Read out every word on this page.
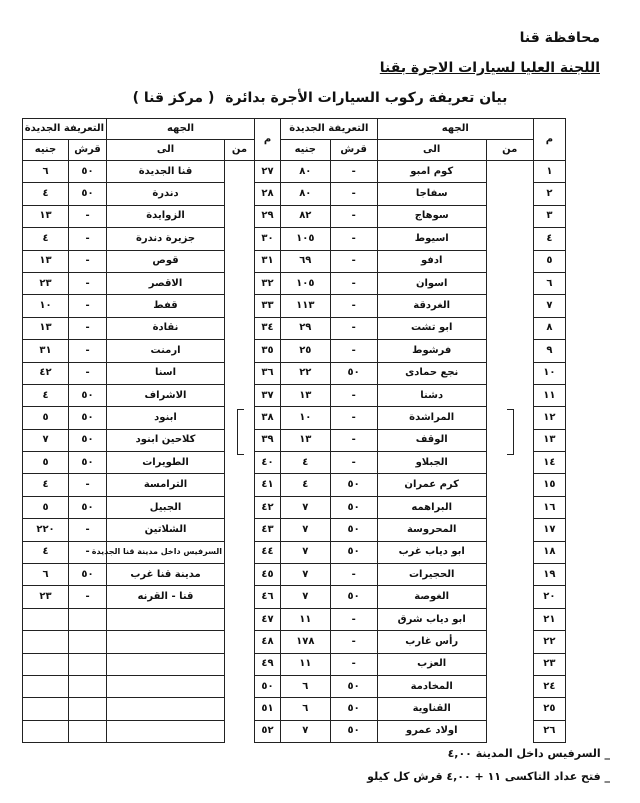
محافظة قنا
اللجنة العليا لسيارات الاجرة بقنا
بيان تعريفة ركوب السيارات الأجرة بدائرة ( مركز قنا )
م	الجهه		التعريفة الجديدة	
	من	الى	قرش	جنيه
١		كوم امبو	-	٨٠
٢		سفاجا	-	٨٠
٣		سوهاج	-	٨٢
٤		اسيوط	-	١٠٥
٥		ادفو	-	٦٩
٦		اسوان	-	١٠٥
٧		الغردقة	-	١١٣
٨		ابو تشت	-	٢٩
٩		فرشوط	-	٢٥
١٠		نجع حمادى	٥٠	٢٢
١١		دشنا	-	١٣
١٢		المراشدة	-	١٠
١٣		الوقف	-	١٣
١٤		الجبلاو	-	٤
١٥		كرم عمران	٥٠	٤
١٦		البراهمه	٥٠	٧
١٧		المحروسة	٥٠	٧
١٨		ابو دياب غرب	٥٠	٧
١٩		الحجيرات	-	٧
٢٠		الغوصة	٥٠	٧
٢١		ابو دياب شرق	-	١١
٢٢		رأس غارب	-	١٧٨
٢٣		العزب	-	١١
٢٤		المخادمة	٥٠	٦
٢٥		القناوية	٥٠	٦
٢٦		اولاد عمرو	٥٠	٧
م	الجهه		التعريفة الجديدة	
	من	الى	قرش	جنيه
٢٧		قنا الجديدة	٥٠	٦
٢٨		دندرة	٥٠	٤
٢٩		الزوايدة	-	١٣
٣٠		جزيرة دندرة	-	٤
٣١		قوص	-	١٣
٣٢		الاقصر	-	٢٣
٣٣		قفط	-	١٠
٣٤		نقادة	-	١٣
٣٥		ارمنت	-	٣١
٣٦		اسنا	-	٤٢
٣٧		الاشراف	٥٠	٤
٣٨		ابنود	٥٠	٥
٣٩		كلاحين ابنود	٥٠	٧
٤٠		الطويرات	٥٠	٥
٤١		الترامسة	-	٤
٤٢		الجبيل	٥٠	٥
٤٣		الشلاتين	-	٢٢٠
٤٤		السرفيس داخل مدينة قنا الجديدة	-	٤
٤٥		مدينة قنا غرب	٥٠	٦
٤٦		قنا - القرنه	-	٢٣
٤٧				
٤٨				
٤٩				
٥٠				
٥١				
٥٢				
_ السرفيس داخل المدينة ٤,٠٠
_ فتح عداد التاكسى ١١ + ٤,٠٠ قرش كل كيلو
